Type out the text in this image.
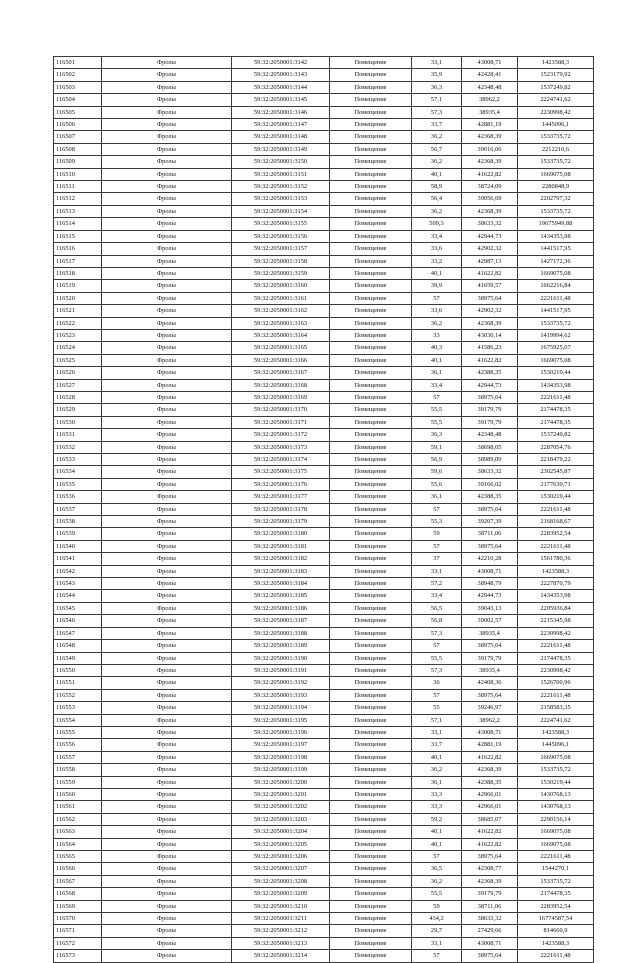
116501	Фролы	59:32:2050001:3142	Помещение	33,1	43008,71	1423588,3
116502	Фролы	59:32:2050001:3143	Помещение	35,9	42428,41	1523179,92
116503	Фролы	59:32:2050001:3144	Помещение	36,3	42348,48	1537249,82
116504	Фролы	59:32:2050001:3145	Помещение	57,1	38962,2	2224741,62
116505	Фролы	59:32:2050001:3146	Помещение	57,3	38935,4	2230998,42
116506	Фролы	59:32:2050001:3147	Помещение	33,7	42881,19	1445096,1
116507	Фролы	59:32:2050001:3148	Помещение	36,2	42368,39	1533735,72
116508	Фролы	59:32:2050001:3149	Помещение	56,7	39016,06	2212210,6
116509	Фролы	59:32:2050001:3150	Помещение	36,2	42368,39	1533735,72
116510	Фролы	59:32:2050001:3151	Помещение	40,1	41622,82	1669075,08
116511	Фролы	59:32:2050001:3152	Помещение	58,9	38724,09	2280848,9
116512	Фролы	59:32:2050001:3153	Помещение	56,4	39056,69	2202797,32
116513	Фролы	59:32:2050001:3154	Помещение	36,2	42368,39	1533735,72
116514	Фролы	59:32:2050001:3155	Помещение	509,3	38633,32	19675949,88
116515	Фролы	59:32:2050001:3156	Помещение	33,4	42944,73	1434353,98
116516	Фролы	59:32:2050001:3157	Помещение	33,6	42902,32	1441517,95
116517	Фролы	59:32:2050001:3158	Помещение	33,2	42987,13	1427172,36
116518	Фролы	59:32:2050001:3159	Помещение	40,1	41622,82	1669075,08
116519	Фролы	59:32:2050001:3160	Помещение	39,9	41659,57	1662216,84
116520	Фролы	59:32:2050001:3161	Помещение	57	38975,64	2221611,48
116521	Фролы	59:32:2050001:3162	Помещение	33,6	42902,32	1441517,95
116522	Фролы	59:32:2050001:3163	Помещение	36,2	42368,39	1533735,72
116523	Фролы	59:32:2050001:3164	Помещение	33	43030,14	1419994,62
116524	Фролы	59:32:2050001:3165	Помещение	40,3	41586,23	1675925,07
116525	Фролы	59:32:2050001:3166	Помещение	40,1	41622,82	1669075,08
116526	Фролы	59:32:2050001:3167	Помещение	36,1	42388,35	1530219,44
116527	Фролы	59:32:2050001:3168	Помещение	33,4	42944,73	1434353,98
116528	Фролы	59:32:2050001:3169	Помещение	57	38975,64	2221611,48
116529	Фролы	59:32:2050001:3170	Помещение	55,5	39179,79	2174478,35
116530	Фролы	59:32:2050001:3171	Помещение	55,5	39179,79	2174478,35
116531	Фролы	59:32:2050001:3172	Помещение	36,3	42348,48	1537249,82
116532	Фролы	59:32:2050001:3173	Помещение	59,1	38698,05	2287054,76
116533	Фролы	59:32:2050001:3174	Помещение	56,9	38989,09	2218479,22
116534	Фролы	59:32:2050001:3175	Помещение	59,6	38633,32	2302545,87
116535	Фролы	59:32:2050001:3176	Помещение	55,6	39166,02	2177630,71
116536	Фролы	59:32:2050001:3177	Помещение	36,1	42388,35	1530219,44
116537	Фролы	59:32:2050001:3178	Помещение	57	38975,64	2221611,48
116538	Фролы	59:32:2050001:3179	Помещение	55,3	39207,39	2168168,67
116539	Фролы	59:32:2050001:3180	Помещение	59	38711,06	2283952,54
116540	Фролы	59:32:2050001:3181	Помещение	57	38975,64	2221611,48
116541	Фролы	59:32:2050001:3182	Помещение	37	42210,28	1561780,36
116542	Фролы	59:32:2050001:3183	Помещение	33,1	43008,71	1423588,3
116543	Фролы	59:32:2050001:3184	Помещение	57,2	38948,79	2227870,79
116544	Фролы	59:32:2050001:3185	Помещение	33,4	42944,73	1434353,98
116545	Фролы	59:32:2050001:3186	Помещение	56,5	39043,13	2205936,84
116546	Фролы	59:32:2050001:3187	Помещение	56,8	39002,57	2215345,98
116547	Фролы	59:32:2050001:3188	Помещение	57,3	38935,4	2230998,42
116548	Фролы	59:32:2050001:3189	Помещение	57	38975,64	2221611,48
116549	Фролы	59:32:2050001:3190	Помещение	55,5	39179,79	2174478,35
116550	Фролы	59:32:2050001:3191	Помещение	57,3	38935,4	2230998,42
116551	Фролы	59:32:2050001:3192	Помещение	36	42408,36	1526700,96
116552	Фролы	59:32:2050001:3193	Помещение	57	38975,64	2221611,48
116553	Фролы	59:32:2050001:3194	Помещение	55	39246,97	2158583,35
116554	Фролы	59:32:2050001:3195	Помещение	57,1	38962,2	2224741,62
116555	Фролы	59:32:2050001:3196	Помещение	33,1	43008,71	1423588,3
116556	Фролы	59:32:2050001:3197	Помещение	33,7	42881,19	1445096,1
116557	Фролы	59:32:2050001:3198	Помещение	40,1	41622,82	1669075,08
116558	Фролы	59:32:2050001:3199	Помещение	36,2	42368,39	1533735,72
116559	Фролы	59:32:2050001:3200	Помещение	36,1	42388,35	1530219,44
116560	Фролы	59:32:2050001:3201	Помещение	33,3	42966,01	1430768,13
116561	Фролы	59:32:2050001:3202	Помещение	33,3	42966,01	1430768,13
116562	Фролы	59:32:2050001:3203	Помещение	59,2	38685,07	2290156,14
116563	Фролы	59:32:2050001:3204	Помещение	40,1	41622,82	1669075,08
116564	Фролы	59:32:2050001:3205	Помещение	40,1	41622,82	1669075,08
116565	Фролы	59:32:2050001:3206	Помещение	57	38975,64	2221611,48
116566	Фролы	59:32:2050001:3207	Помещение	36,5	42308,77	1544270,1
116567	Фролы	59:32:2050001:3208	Помещение	36,2	42368,39	1533735,72
116568	Фролы	59:32:2050001:3209	Помещение	55,5	39179,79	2174478,35
116569	Фролы	59:32:2050001:3210	Помещение	59	38711,06	2283952,54
116570	Фролы	59:32:2050001:3211	Помещение	434,2	38633,32	16774587,54
116571	Фролы	59:32:2050001:3212	Помещение	29,7	27429,66	814660,9
116572	Фролы	59:32:2050001:3213	Помещение	33,1	43008,71	1423588,3
116573	Фролы	59:32:2050001:3214	Помещение	57	38975,64	2221611,48
